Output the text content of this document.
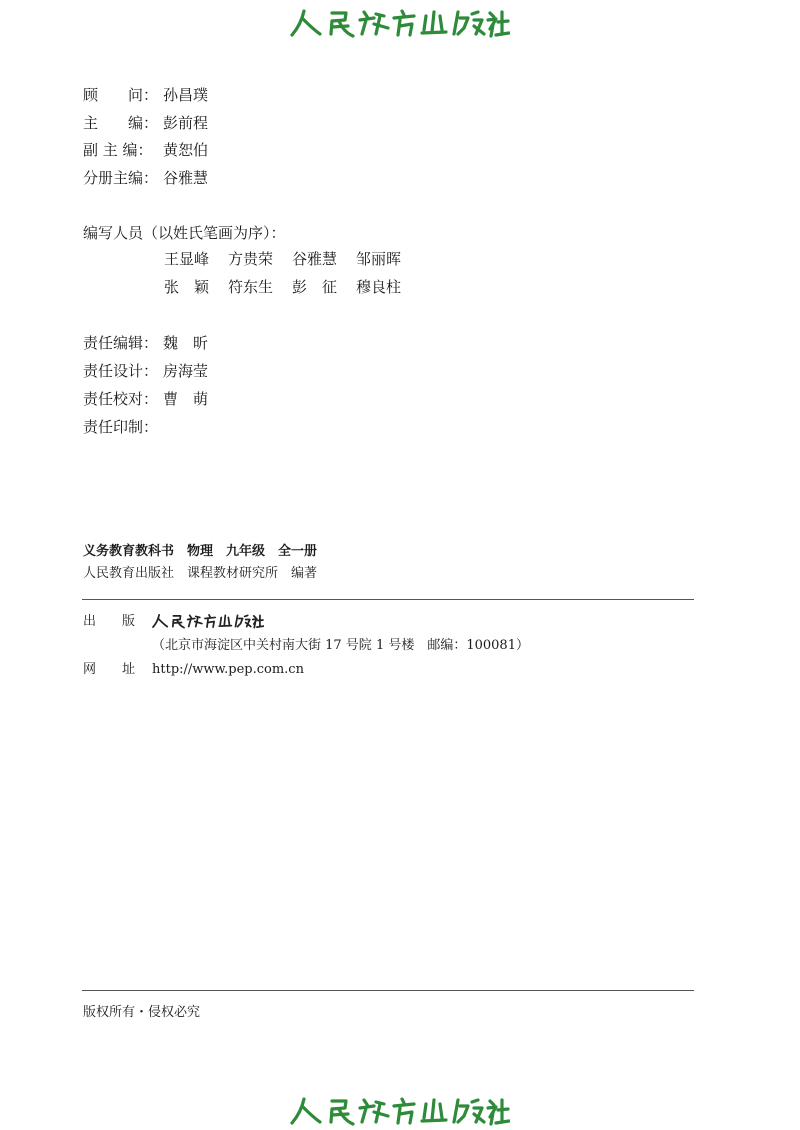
顾　　问： 孙昌璞
主　　编： 彭前程
副 主 编： 黄恕伯
分册主编： 谷雅慧
编写人员（以姓氏笔画为序）：
王显峰	方贵荣	谷雅慧	邹丽晖
张　颖	符东生	彭　征	穆良柱
责任编辑： 魏　昕
责任设计： 房海莹
责任校对： 曹　萌
责任印制：
义务教育教科书　物理　九年级　全一册
人民教育出版社　课程教材研究所　编著
出　　版
（北京市海淀区中关村南大街 17 号院 1 号楼　邮编：100081）
网　　址 http://www.pep.com.cn
版权所有・侵权必究
